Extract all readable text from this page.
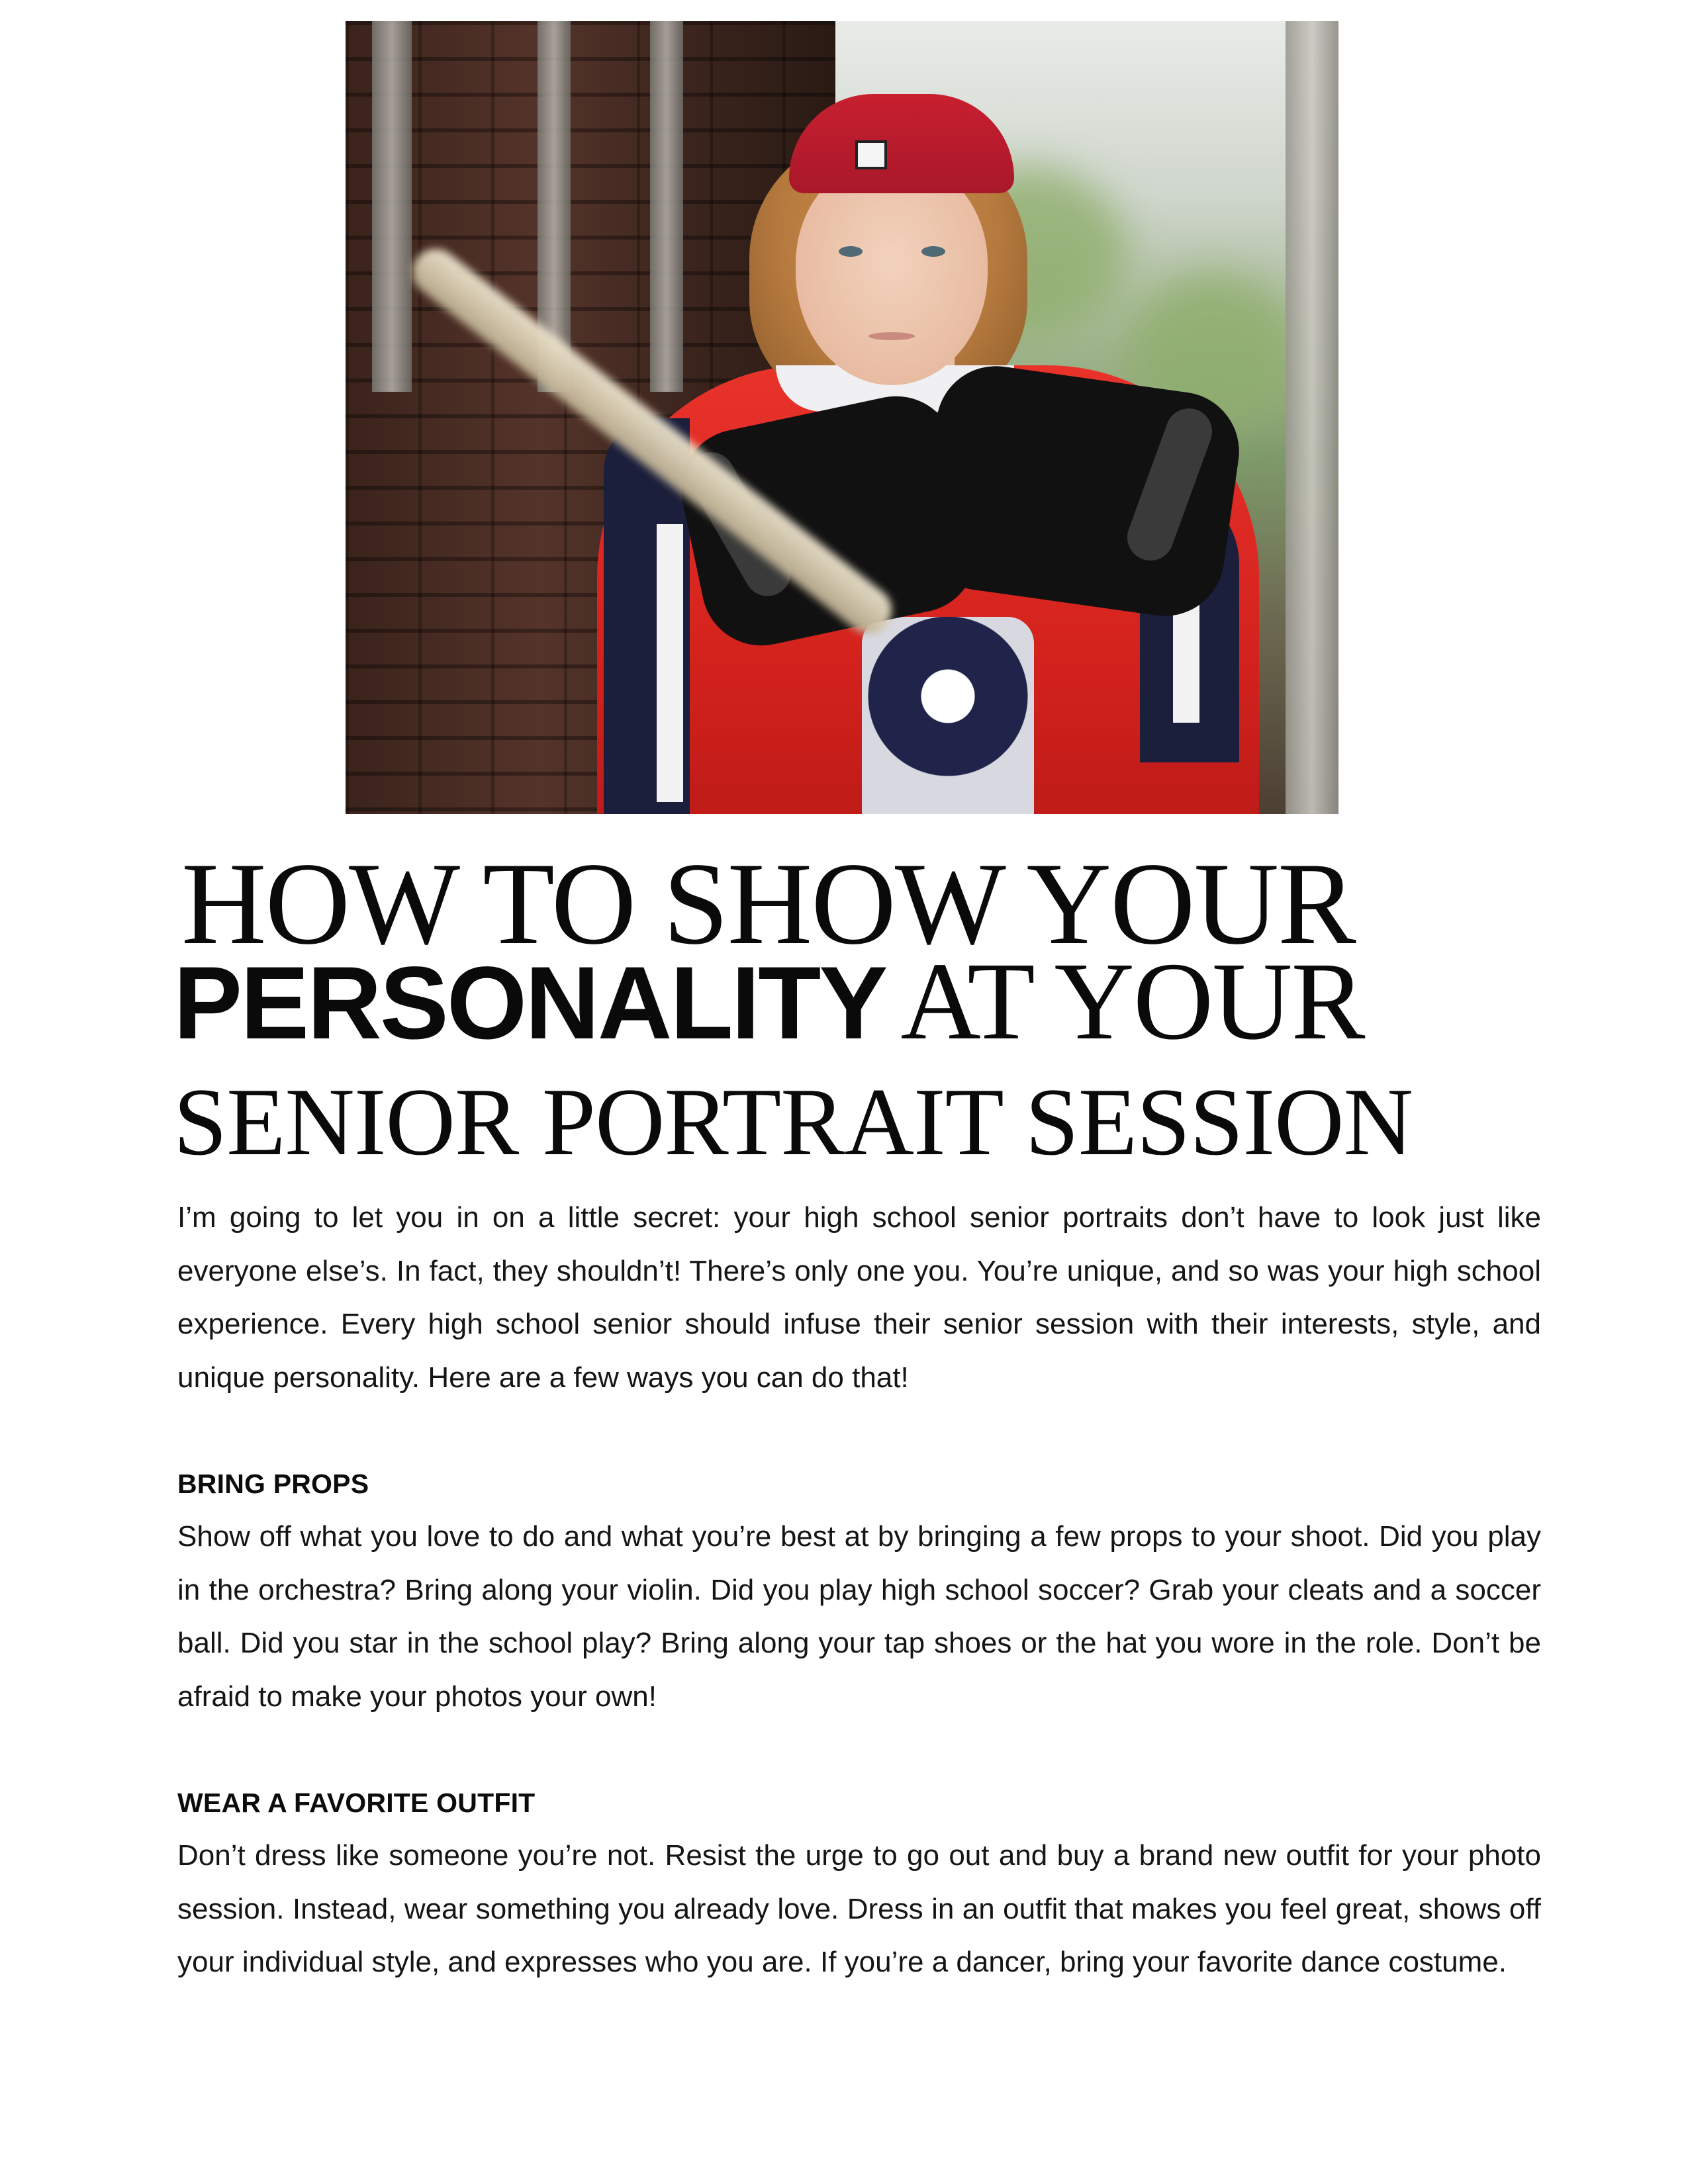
HOW TO SHOW YOUR
PERSONALITY AT YOUR
SENIOR PORTRAIT SESSION

I’m going to let you in on a little secret: your high school senior portraits don’t have to look just like everyone else’s. In fact, they shouldn’t! There’s only one you. You’re unique, and so was your high school experience. Every high school senior should infuse their senior session with their interests, style, and unique personality. Here are a few ways you can do that!

BRING PROPS

Show off what you love to do and what you’re best at by bringing a few props to your shoot. Did you play in the orchestra? Bring along your violin. Did you play high school soccer? Grab your cleats and a soccer ball. Did you star in the school play? Bring along your tap shoes or the hat you wore in the role. Don’t be afraid to make your photos your own!

WEAR A FAVORITE OUTFIT

Don’t dress like someone you’re not. Resist the urge to go out and buy a brand new outfit for your photo session. Instead, wear something you already love. Dress in an outfit that makes you feel great, shows off your individual style, and expresses who you are. If you’re a dancer, bring your favorite dance costume.
